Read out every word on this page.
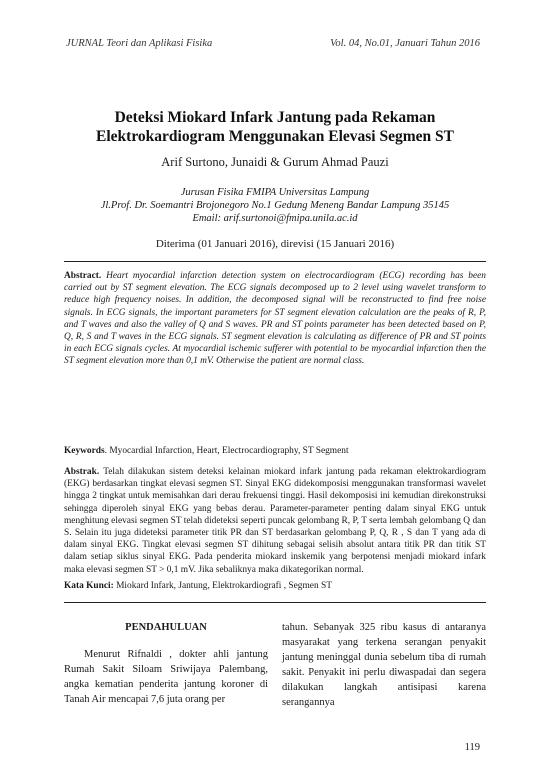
JURNAL Teori dan Aplikasi Fisika	Vol. 04, No.01, Januari Tahun 2016
Deteksi Miokard Infark Jantung pada Rekaman Elektrokardiogram Menggunakan Elevasi Segmen ST
Arif Surtono, Junaidi & Gurum Ahmad Pauzi
Jurusan Fisika FMIPA Universitas Lampung
Jl.Prof. Dr. Soemantri Brojonegoro No.1 Gedung Meneng Bandar Lampung 35145
Email: arif.surtonoi@fmipa.unila.ac.id
Diterima (01 Januari 2016), direvisi (15 Januari 2016)
Abstract. Heart myocardial infarction detection system on electrocardiogram (ECG) recording has been carried out by ST segment elevation. The ECG signals decomposed up to 2 level using wavelet transform to reduce high frequency noises. In addition, the decomposed signal will be reconstructed to find free noise signals. In ECG signals, the important parameters for ST segment elevation calculation are the peaks of R, P, and T waves and also the valley of Q and S waves. PR and ST points parameter has been detected based on P, Q, R, S and T waves in the ECG signals. ST segment elevation is calculating as difference of PR and ST points in each ECG signals cycles. At myocardial ischemic sufferer with potential to be myocardial infarction then the ST segment elevation more than 0,1 mV. Otherwise the patient are normal class.
Keywords. Myocardial Infarction, Heart, Electrocardiography, ST Segment
Abstrak. Telah dilakukan sistem deteksi kelainan miokard infark jantung pada rekaman elektrokardiogram (EKG) berdasarkan tingkat elevasi segmen ST. Sinyal EKG didekomposisi menggunakan transformasi wavelet hingga 2 tingkat untuk memisahkan dari derau frekuensi tinggi. Hasil dekomposisi ini kemudian direkonstruksi sehingga diperoleh sinyal EKG yang bebas derau. Parameter-parameter penting dalam sinyal EKG untuk menghitung elevasi segmen ST telah dideteksi seperti puncak gelombang R, P, T serta lembah gelombang Q dan S. Selain itu juga dideteksi parameter titik PR dan ST berdasarkan gelombang P, Q, R , S dan T yang ada di dalam sinyal EKG. Tingkat elevasi segmen ST dihitung sebagai selisih absolut antara titik PR dan titik ST dalam setiap siklus sinyal EKG. Pada penderita miokard inskemik yang berpotensi menjadi miokard infark maka elevasi segmen ST > 0,1 mV. Jika sebaliknya maka dikategorikan normal.
Kata Kunci: Miokard Infark, Jantung, Elektrokardiografi , Segmen ST
PENDAHULUAN
Menurut Rifnaldi , dokter ahli jantung Rumah Sakit Siloam Sriwijaya Palembang, angka kematian penderita jantung koroner di Tanah Air mencapai 7,6 juta orang per
tahun. Sebanyak 325 ribu kasus di antaranya masyarakat yang terkena serangan penyakit jantung meninggal dunia sebelum tiba di rumah sakit. Penyakit ini perlu diwaspadai dan segera dilakukan langkah antisipasi karena serangannya
119
